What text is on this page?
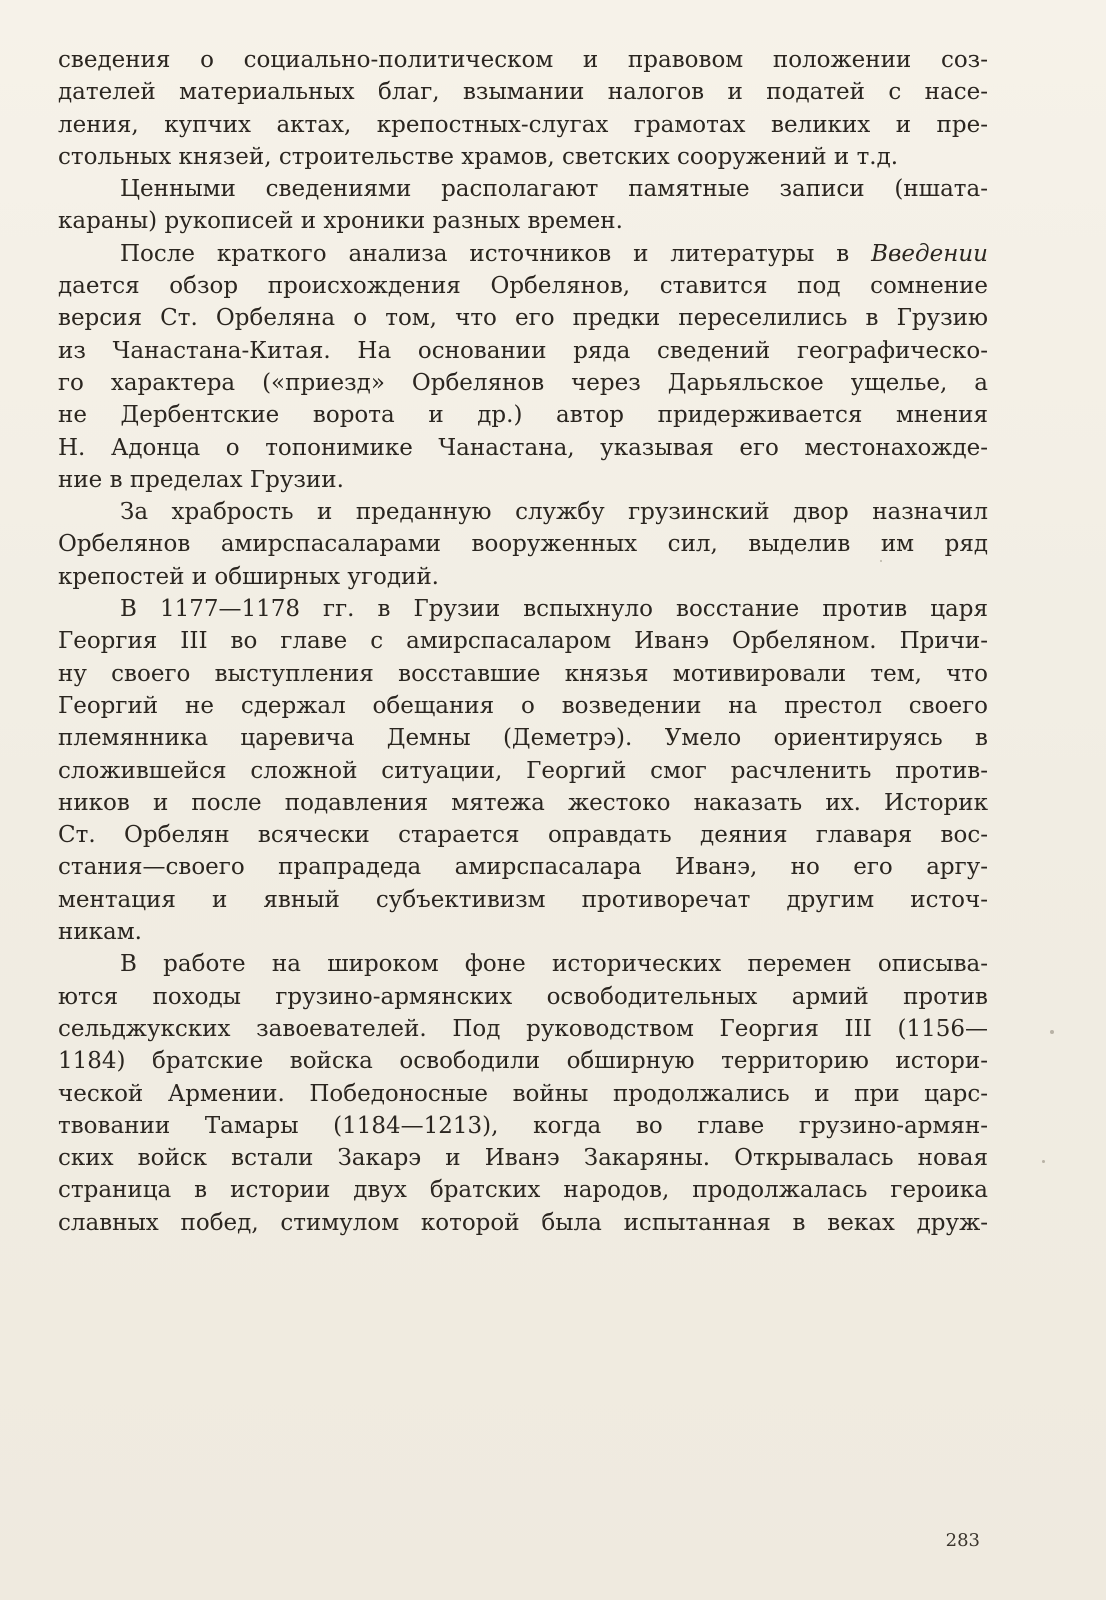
сведения о социально-политическом и правовом положении соз-
дателей материальных благ, взымании налогов и податей с насе-
ления, купчих актах, крепостных-слугах грамотах великих и пре-
стольных князей, строительстве храмов, светских сооружений и т.д.
Ценными сведениями располагают памятные записи (ншата-
караны) рукописей и хроники разных времен.
После краткого анализа источников и литературы в Введении
дается обзор происхождения Орбелянов, ставится под сомнение
версия Ст. Орбеляна о том, что его предки переселились в Грузию
из Чанастана-Китая. На основании ряда сведений географическо-
го характера («приезд» Орбелянов через Дарьяльское ущелье, а
не Дербентские ворота и др.) автор придерживается мнения
Н. Адонца о топонимике Чанастана, указывая его местонахожде-
ние в пределах Грузии.
За храбрость и преданную службу грузинский двор назначил
Орбелянов амирспасаларами вооруженных сил, выделив им ряд
крепостей и обширных угодий.
В 1177—1178 гг. в Грузии вспыхнуло восстание против царя
Георгия III во главе с амирспасаларом Иванэ Орбеляном. Причи-
ну своего выступления восставшие князья мотивировали тем, что
Георгий не сдержал обещания о возведении на престол своего
племянника царевича Демны (Деметрэ). Умело ориентируясь в
сложившейся сложной ситуации, Георгий смог расчленить против-
ников и после подавления мятежа жестоко наказать их. Историк
Ст. Орбелян всячески старается оправдать деяния главаря вос-
стания—своего прапрадеда амирспасалара Иванэ, но его аргу-
ментация и явный субъективизм противоречат другим источ-
никам.
В работе на широком фоне исторических перемен описыва-
ются походы грузино-армянских освободительных армий против
сельджукских завоевателей. Под руководством Георгия III (1156—
1184) братские войска освободили обширную территорию истори-
ческой Армении. Победоносные войны продолжались и при царс-
твовании Тамары (1184—1213), когда во главе грузино-армян-
ских войск встали Закарэ и Иванэ Закаряны. Открывалась новая
страница в истории двух братских народов, продолжалась героика
славных побед, стимулом которой была испытанная в веках друж-
283
